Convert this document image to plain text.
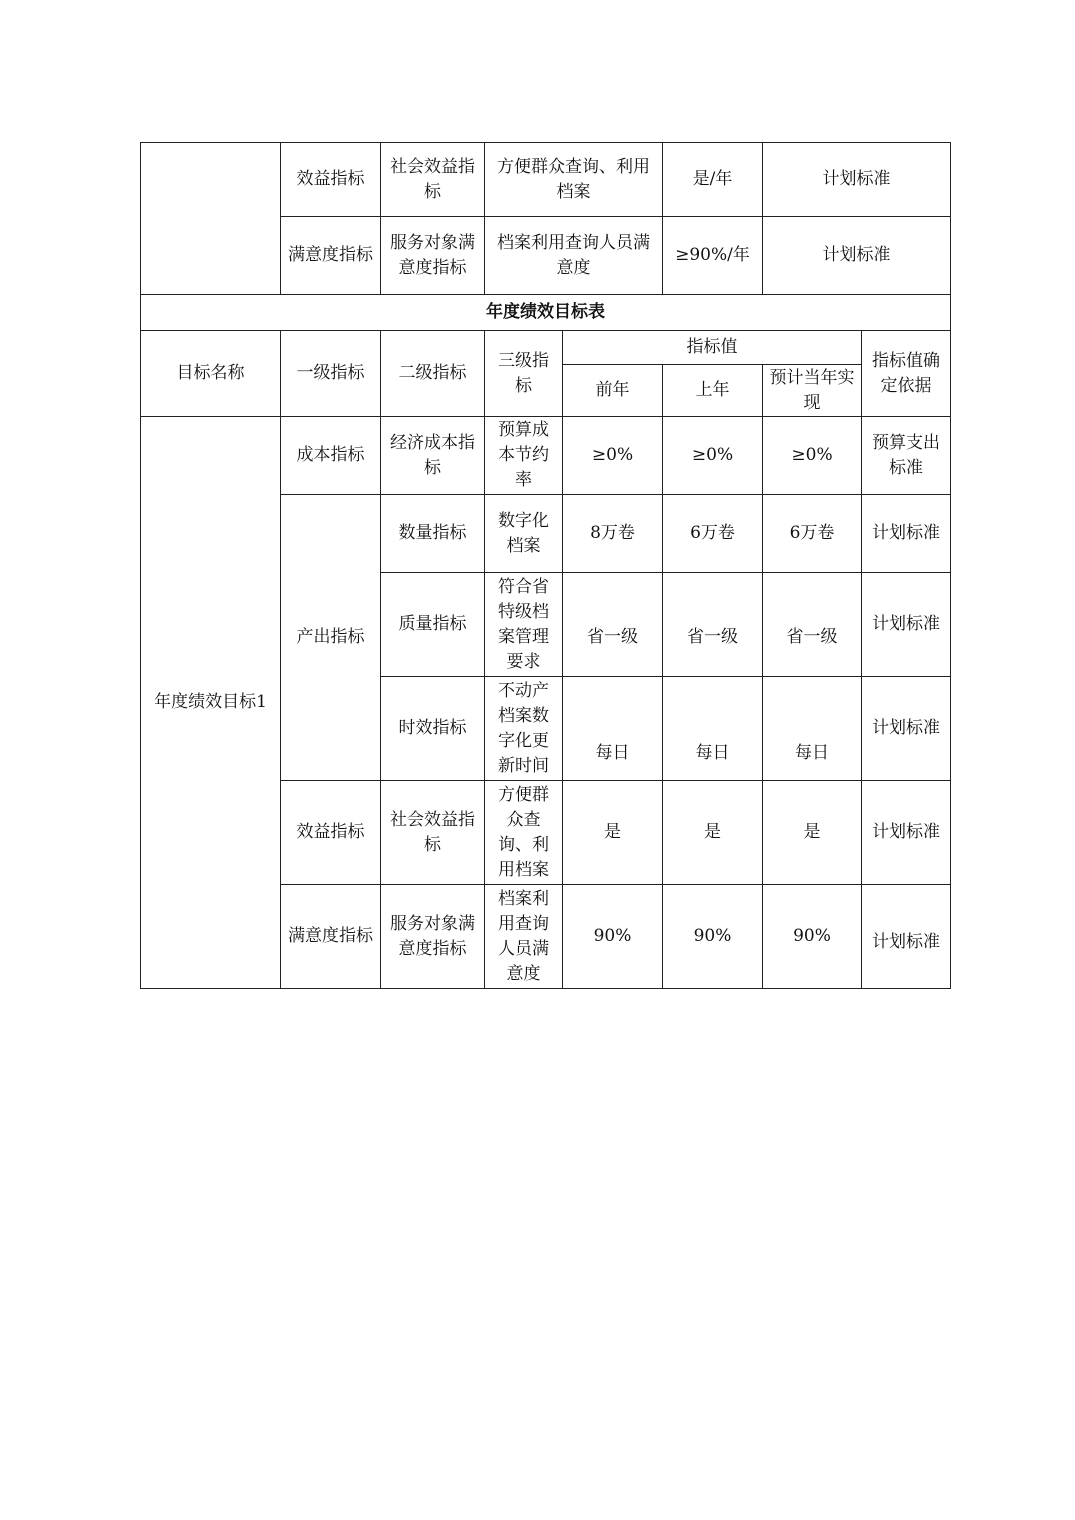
	效益指标	社会效益指标	方便群众查询、利用档案		是/年	计划标准	
	满意度指标	服务对象满意度指标	档案利用查询人员满意度		≥90%/年	计划标准	
年度绩效目标表							
目标名称	一级指标	二级指标	三级指标	指标值			指标值确定依据
				前年	上年	预计当年实现	
年度绩效目标1	成本指标	经济成本指标	预算成本节约率	≥0%	≥0%	≥0%	预算支出标准
	产出指标	数量指标	数字化档案	8万卷	6万卷	6万卷	计划标准
		质量指标	符合省特级档案管理要求	省一级	省一级	省一级	计划标准
		时效指标	不动产档案数字化更新时间	每日	每日	每日	计划标准
	效益指标	社会效益指标	方便群众查询、利用档案	是	是	是	计划标准
	满意度指标	服务对象满意度指标	档案利用查询人员满意度	90%	90%	90%	计划标准
